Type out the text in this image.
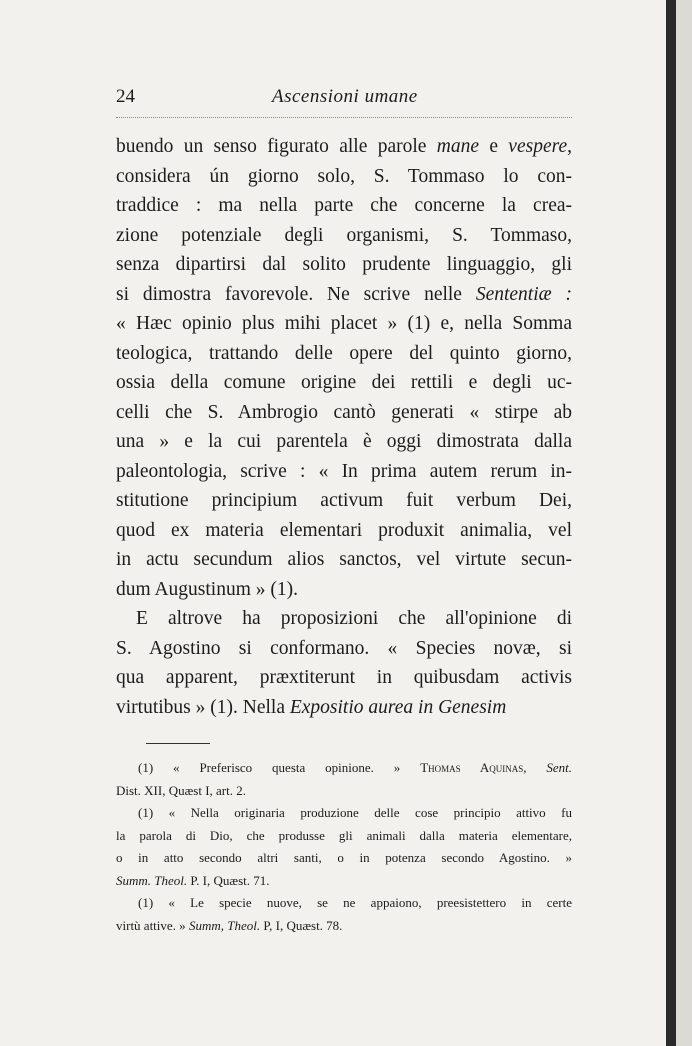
24	Ascensioni umane
buendo un senso figurato alle parole mane e vespere,
considera ún giorno solo, S. Tommaso lo con-
traddice : ma nella parte che concerne la crea-
zione potenziale degli organismi, S. Tommaso,
senza dipartirsi dal solito prudente linguaggio, gli
si dimostra favorevole. Ne scrive nelle Sententiæ :
« Hæc opinio plus mihi placet » (1) e, nella Somma
teologica, trattando delle opere del quinto giorno,
ossia della comune origine dei rettili e degli uc-
celli che S. Ambrogio cantò generati « stirpe ab
una » e la cui parentela è oggi dimostrata dalla
paleontologia, scrive : « In prima autem rerum in-
stitutione principium activum fuit verbum Dei,
quod ex materia elementari produxit animalia, vel
in actu secundum alios sanctos, vel virtute secun-
dum Augustinum » (1).
E altrove ha proposizioni che all'opinione di
S. Agostino si conformano. « Species novæ, si
qua apparent, præxtiterunt in quibusdam activis
virtutibus » (1). Nella Expositio aurea in Genesim
(1) « Preferisco questa opinione. » Thomas Aquinas, Sent.
Dist. XII, Quæst I, art. 2.
(1) « Nella originaria produzione delle cose principio attivo fu
la parola di Dio, che produsse gli animali dalla materia elementare,
o in atto secondo altri santi, o in potenza secondo Agostino. »
Summ. Theol. P. I, Quæst. 71.
(1) « Le specie nuove, se ne appaiono, preesistettero in certe
virtù attive. » Summ, Theol. P, I, Quæst. 78.
